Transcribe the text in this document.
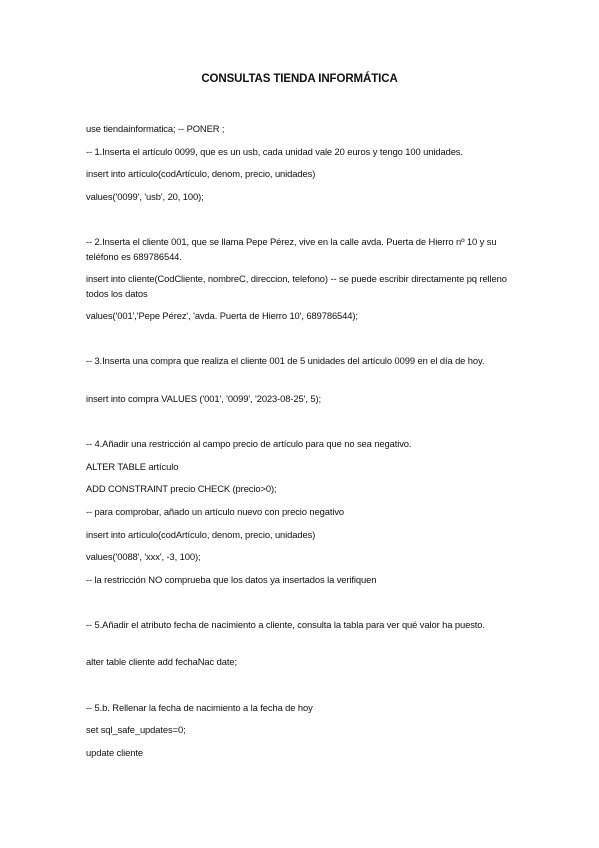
CONSULTAS TIENDA INFORMÁTICA
use tiendainformatica; -- PONER ;
-- 1.Inserta el artículo 0099, que es un usb, cada unidad vale 20 euros y tengo 100 unidades.
insert into artículo(codArtículo, denom, precio, unidades)
values('0099', 'usb', 20, 100);
-- 2.Inserta el cliente 001, que se llama Pepe Pérez, vive en la calle avda. Puerta de Hierro nº 10 y su teléfono es 689786544.
insert into cliente(CodCliente, nombreC, direccion, telefono) -- se puede escribir directamente pq relleno todos los datos
values('001','Pepe Pérez', 'avda. Puerta de Hierro 10', 689786544);
-- 3.Inserta una compra que realiza el cliente 001 de 5 unidades del artículo 0099 en el día de hoy.
insert into compra VALUES ('001', '0099', '2023-08-25', 5);
-- 4.Añadir una restricción al campo precio de artículo para que no sea negativo.
ALTER TABLE artículo
ADD CONSTRAINT precio CHECK (precio>0);
-- para comprobar, añado un artículo nuevo con precio negativo
insert into artículo(codArtículo, denom, precio, unidades)
values('0088', 'xxx', -3, 100);
-- la restricción NO comprueba que los datos ya insertados la verifiquen
-- 5.Añadir el atributo fecha de nacimiento a cliente, consulta la tabla para ver qué valor ha puesto.
alter table cliente add fechaNac date;
-- 5.b. Rellenar la fecha de nacimiento a la fecha de hoy
set sql_safe_updates=0;
update cliente
